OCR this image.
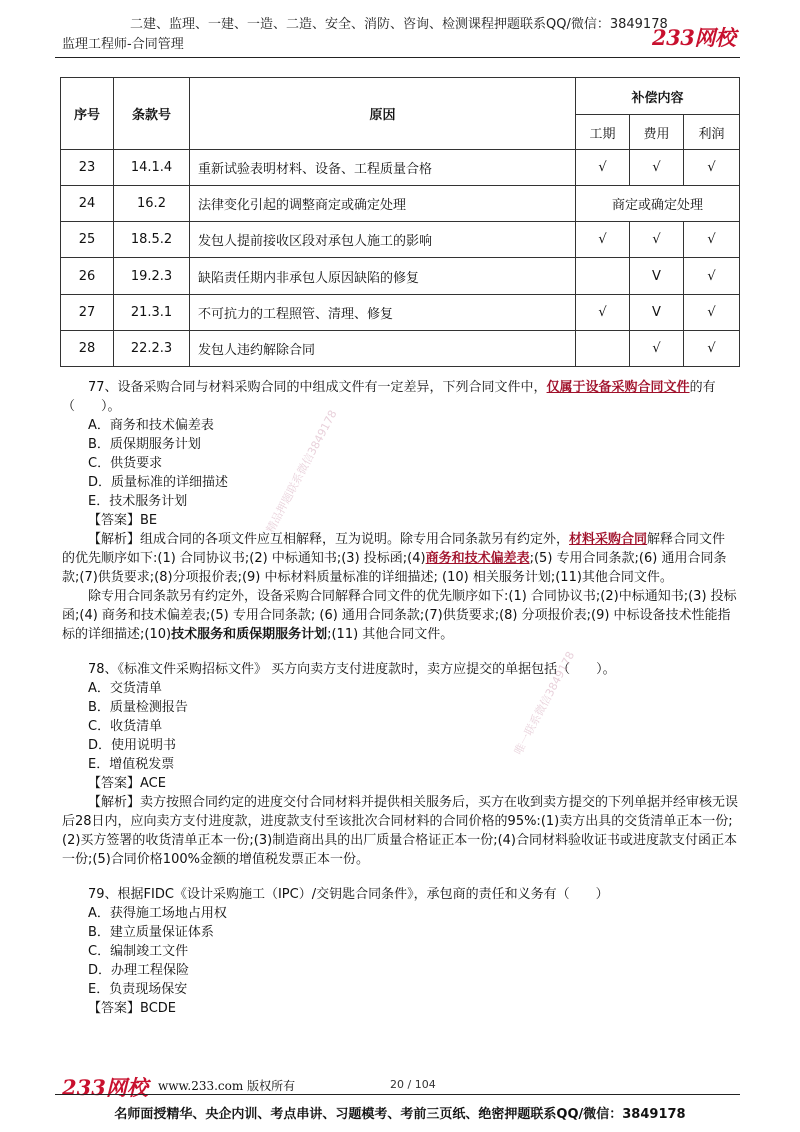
二建、监理、一建、一造、二造、安全、消防、咨询、检测课程押题联系QQ/微信：3849178
监理工程师-合同管理	233网校
序号	条款号	原因	补偿内容		
			工期	费用	利润
23	14.1.4	重新试验表明材料、设备、工程质量合格	√	√	√
24	16.2	法律变化引起的调整商定或确定处理	商定或确定处理		
25	18.5.2	发包人提前接收区段对承包人施工的影响	√	√	√
26	19.2.3	缺陷责任期内非承包人原因缺陷的修复		V	√
27	21.3.1	不可抗力的工程照管、清理、修复	√	V	√
28	22.2.3	发包人违约解除合同		√	√

77、设备采购合同与材料采购合同的中组成文件有一定差异，下列合同文件中，仅属于设备采购合同文件的有（　　）。

A．商务和技术偏差表

B．质保期服务计划

C．供货要求

D．质量标准的详细描述

E．技术服务计划

【答案】BE

【解析】组成合同的各项文件应互相解释，互为说明。除专用合同条款另有约定外，材料采购合同解释合同文件的优先顺序如下:(1) 合同协议书;(2) 中标通知书;(3) 投标函;(4)商务和技术偏差表;(5) 专用合同条款;(6) 通用合同条款;(7)供货要求;(8)分项报价表;(9) 中标材料质量标准的详细描述; (10) 相关服务计划;(11)其他合同文件。

除专用合同条款另有约定外，设备采购合同解释合同文件的优先顺序如下:(1) 合同协议书;(2)中标通知书;(3) 投标函;(4) 商务和技术偏差表;(5) 专用合同条款; (6) 通用合同条款;(7)供货要求;(8) 分项报价表;(9) 中标设备技术性能指标的详细描述;(10)技术服务和质保期服务计划;(11) 其他合同文件。

78、《标准文件采购招标文件》 买方向卖方支付进度款时，卖方应提交的单据包括（　　）。

A．交货清单

B．质量检测报告

C．收货清单

D．使用说明书

E．增值税发票

【答案】ACE

【解析】卖方按照合同约定的进度交付合同材料并提供相关服务后，买方在收到卖方提交的下列单据并经审核无误后28日内，应向卖方支付进度款，进度款支付至该批次合同材料的合同价格的95%:(1)卖方出具的交货清单正本一份;(2)买方签署的收货清单正本一份;(3)制造商出具的出厂质量合格证正本一份;(4)合同材料验收证书或进度款支付函正本一份;(5)合同价格100%金额的增值税发票正本一份。

79、根据FIDC《设计采购施工（IPC）/交钥匙合同条件》，承包商的责任和义务有（　　）

A．获得施工场地占用权

B．建立质量保证体系

C．编制竣工文件

D．办理工程保险

E．负责现场保安

【答案】BCDE

精品押题联系微信3849178
唯一联系微信3849178
233网校 www.233.com 版权所有	20 / 104
名师面授精华、央企内训、考点串讲、习题模考、考前三页纸、绝密押题联系QQ/微信：3849178
